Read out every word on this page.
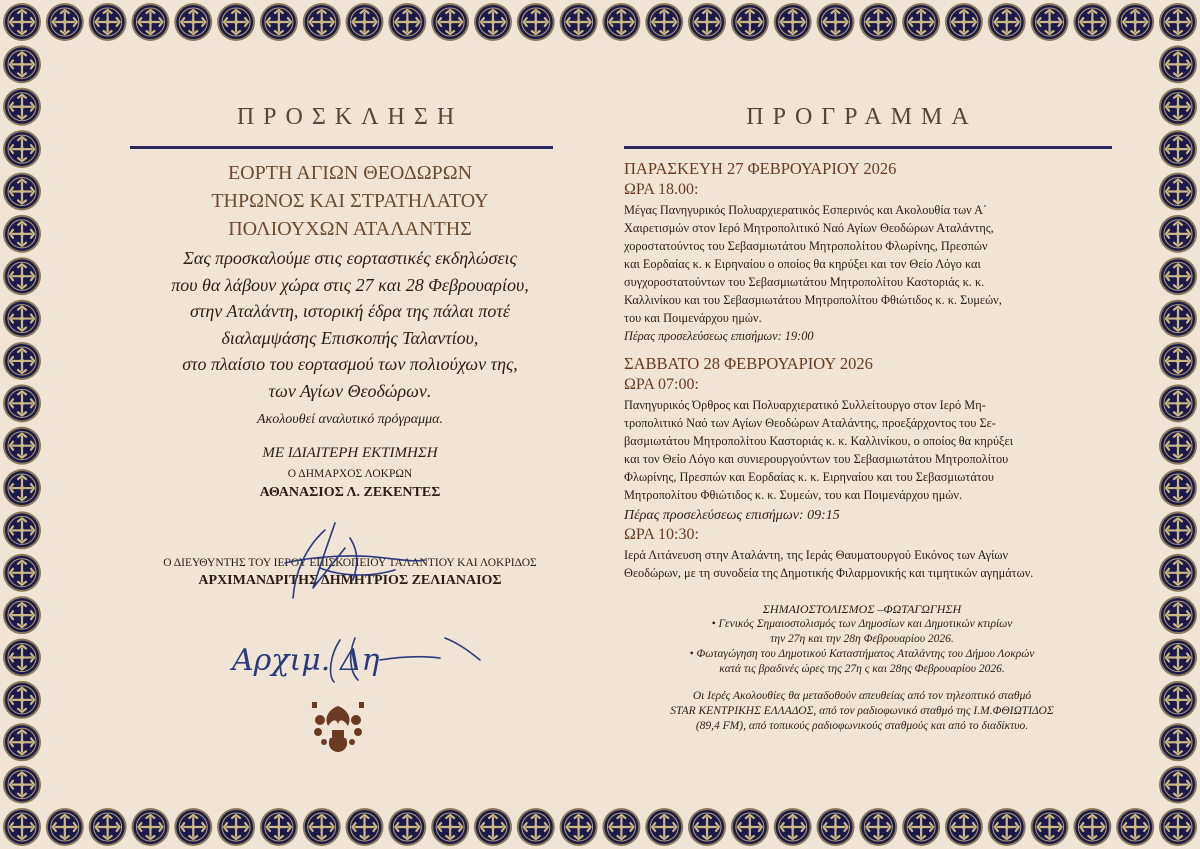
ΠΡΟΣΚΛΗΣΗ
ΕΟΡΤΗ ΑΓΙΩΝ ΘΕΟΔΩΡΩΝ
ΤΗΡΩΝΟΣ ΚΑΙ ΣΤΡΑΤΗΛΑΤΟΥ
ΠΟΛΙΟΥΧΩΝ ΑΤΑΛΑΝΤΗΣ
Σας προσκαλούμε στις εορταστικές εκδηλώσεις
που θα λάβουν χώρα στις 27 και 28 Φεβρουαρίου,
στην Αταλάντη, ιστορική έδρα της πάλαι ποτέ
διαλαμψάσης Επισκοπής Ταλαντίου,
στο πλαίσιο του εορτασμού των πολιούχων της,
των Αγίων Θεοδώρων.
Ακολουθεί αναλυτικό πρόγραμμα.
ΜΕ ΙΔΙΑΙΤΕΡΗ ΕΚΤΙΜΗΣΗ
Ο ΔΗΜΑΡΧΟΣ ΛΟΚΡΩΝ
ΑΘΑΝΑΣΙΟΣ Λ. ΖΕΚΕΝΤΕΣ
Ο ΔΙΕΥΘΥΝΤΗΣ ΤΟΥ ΙΕΡΟΥ ΕΠΙΣΚΟΠΕΙΟΥ ΤΑΛΑΝΤΙΟΥ ΚΑΙ ΛΟΚΡΙΔΟΣ
ΑΡΧΙΜΑΝΔΡΙΤΗΣ ΔΗΜΗΤΡΙΟΣ ΖΕΛΙΑΝΑΙΟΣ
Αρχιμ. Δη
ΠΡΟΓΡΑΜΜΑ
ΠΑΡΑΣΚΕΥΗ 27 ΦΕΒΡΟΥΑΡΙΟΥ 2026
ΩΡΑ 18.00:
Μέγας Πανηγυρικός Πολυαρχιερατικός Εσπερινός και Ακολουθία των Α΄
Χαιρετισμών στον Ιερό Μητροπολιτικό Ναό Αγίων Θεοδώρων Αταλάντης,
χοροστατούντος του Σεβασμιωτάτου Μητροπολίτου Φλωρίνης, Πρεσπών
και Εορδαίας κ. κ Ειρηναίου ο οποίος θα κηρύξει και τον Θείο Λόγο και
συγχοροστατούντων του Σεβασμιωτάτου Μητροπολίτου Καστοριάς κ. κ.
Καλλινίκου και του Σεβασμιωτάτου Μητροπολίτου Φθιώτιδος κ. κ. Συμεών,
του και Ποιμενάρχου ημών.
Πέρας προσελεύσεως επισήμων: 19:00
ΣΑΒΒΑΤΟ 28 ΦΕΒΡΟΥΑΡΙΟΥ 2026
ΩΡΑ 07:00:
Πανηγυρικός Όρθρος και Πολυαρχιερατικό Συλλείτουργο στον Ιερό Μη-
τροπολιτικό Ναό των Αγίων Θεοδώρων Αταλάντης, προεξάρχοντος του Σε-
βασμιωτάτου Μητροπολίτου Καστοριάς κ. κ. Καλλινίκου, ο οποίος θα κηρύξει
και τον Θείο Λόγο και συνιερουργούντων του Σεβασμιωτάτου Μητροπολίτου
Φλωρίνης, Πρεσπών και Εορδαίας κ. κ. Ειρηναίου και του Σεβασμιωτάτου
Μητροπολίτου Φθιώτιδος κ. κ. Συμεών, του και Ποιμενάρχου ημών.
Πέρας προσελεύσεως επισήμων: 09:15
ΩΡΑ 10:30:
Ιερά Λιτάνευση στην Αταλάντη, της Ιεράς Θαυματουργού Εικόνος των Αγίων
Θεοδώρων, με τη συνοδεία της Δημοτικής Φιλαρμονικής και τιμητικών αγημάτων.
ΣΗΜΑΙΟΣΤΟΛΙΣΜΟΣ –ΦΩΤΑΓΩΓΗΣΗ
• Γενικός Σημαιοστολισμός των Δημοσίων και Δημοτικών κτιρίων
την 27η και την 28η Φεβρουαρίου 2026.
• Φωταγώγηση του Δημοτικού Καταστήματος Αταλάντης του Δήμου Λοκρών
κατά τις βραδινές ώρες της 27η ς και 28ης Φεβρουαρίου 2026.
Οι Ιερές Ακολουθίες θα μεταδοθούν απευθείας από τον τηλεοπτικό σταθμό
STAR ΚΕΝΤΡΙΚΗΣ ΕΛΛΑΔΟΣ, από τον ραδιοφωνικό σταθμό της Ι.Μ.ΦΘΙΩΤΙΔΟΣ
(89,4 FM), από τοπικούς ραδιοφωνικούς σταθμούς και από το διαδίκτυο.
